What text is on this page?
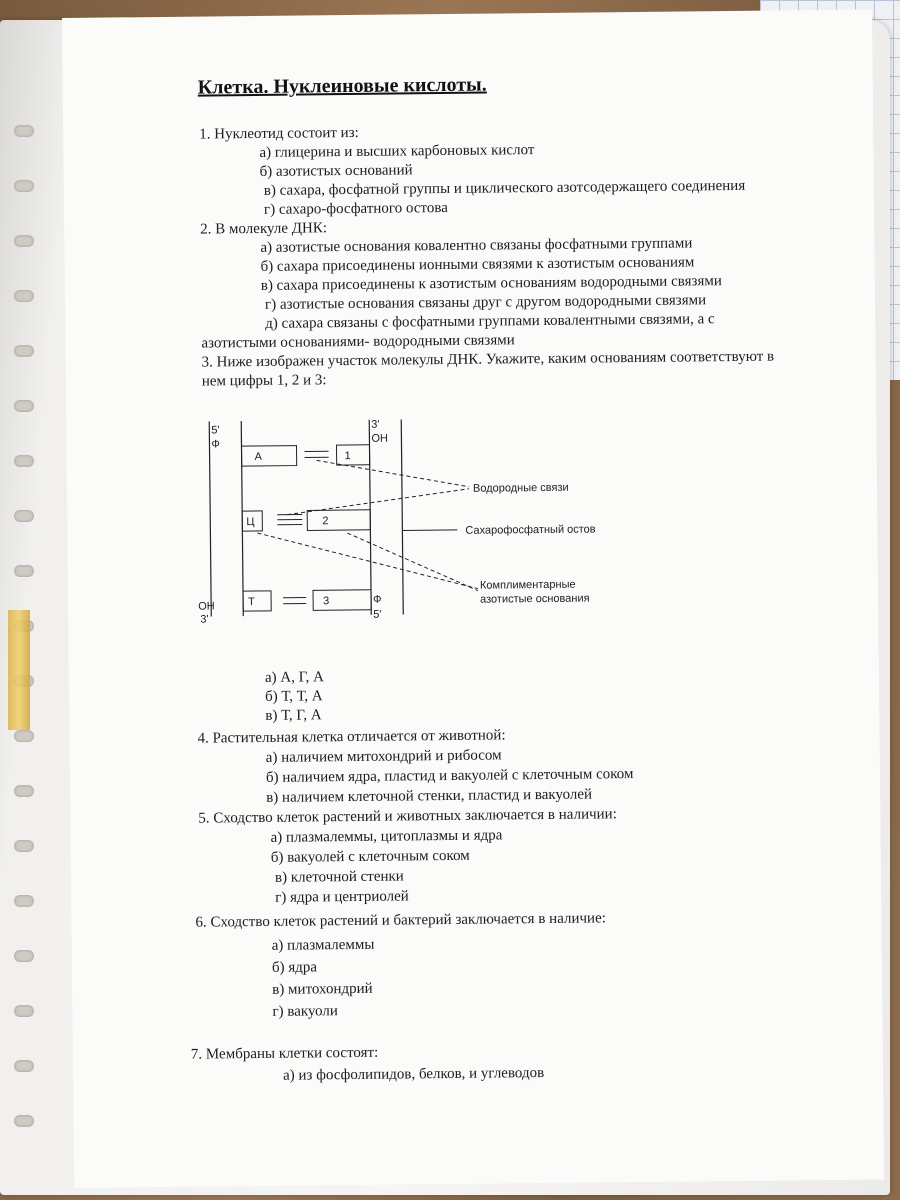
Клетка. Нуклеиновые кислоты.
1. Нуклеотид состоит из:
а) глицерина и высших карбоновых кислот
б) азотистых оснований
в) сахара, фосфатной группы и циклического азотсодержащего соединения
г) сахаро-фосфатного остова
2. В молекуле ДНК:
а) азотистые основания ковалентно связаны фосфатными группами
б) сахара присоединены ионными связями к азотистым основаниям
в) сахара присоединены к азотистым основаниям водородными связями
г) азотистые основания связаны друг с другом водородными связями
д) сахара связаны с фосфатными группами ковалентными связями, а с
азотистыми основаниями- водородными связями
3. Ниже изображен участок молекулы ДНК. Укажите, каким основаниям соответствуют в
нем цифры 1, 2 и 3:
5'
Ф
3'
ОН
А	1
Ц	2
Т	3
ОН
3'
Ф
5'
Водородные связи
Сахарофосфатный остов
Комплиментарные
азотистые основания
а) А, Г, А
б) Т, Т, А
в) Т, Г, А
4. Растительная клетка отличается от животной:
а) наличием митохондрий и рибосом
б) наличием ядра, пластид и вакуолей с клеточным соком
в) наличием клеточной стенки, пластид и вакуолей
5. Сходство клеток растений и животных заключается в наличии:
а) плазмалеммы, цитоплазмы и ядра
б) вакуолей с клеточным соком
в) клеточной стенки
г) ядра и центриолей
6. Сходство клеток растений и бактерий заключается в наличие:
а) плазмалеммы
б) ядра
в) митохондрий
г) вакуоли
7. Мембраны клетки состоят:
а) из фосфолипидов, белков, и углеводов
